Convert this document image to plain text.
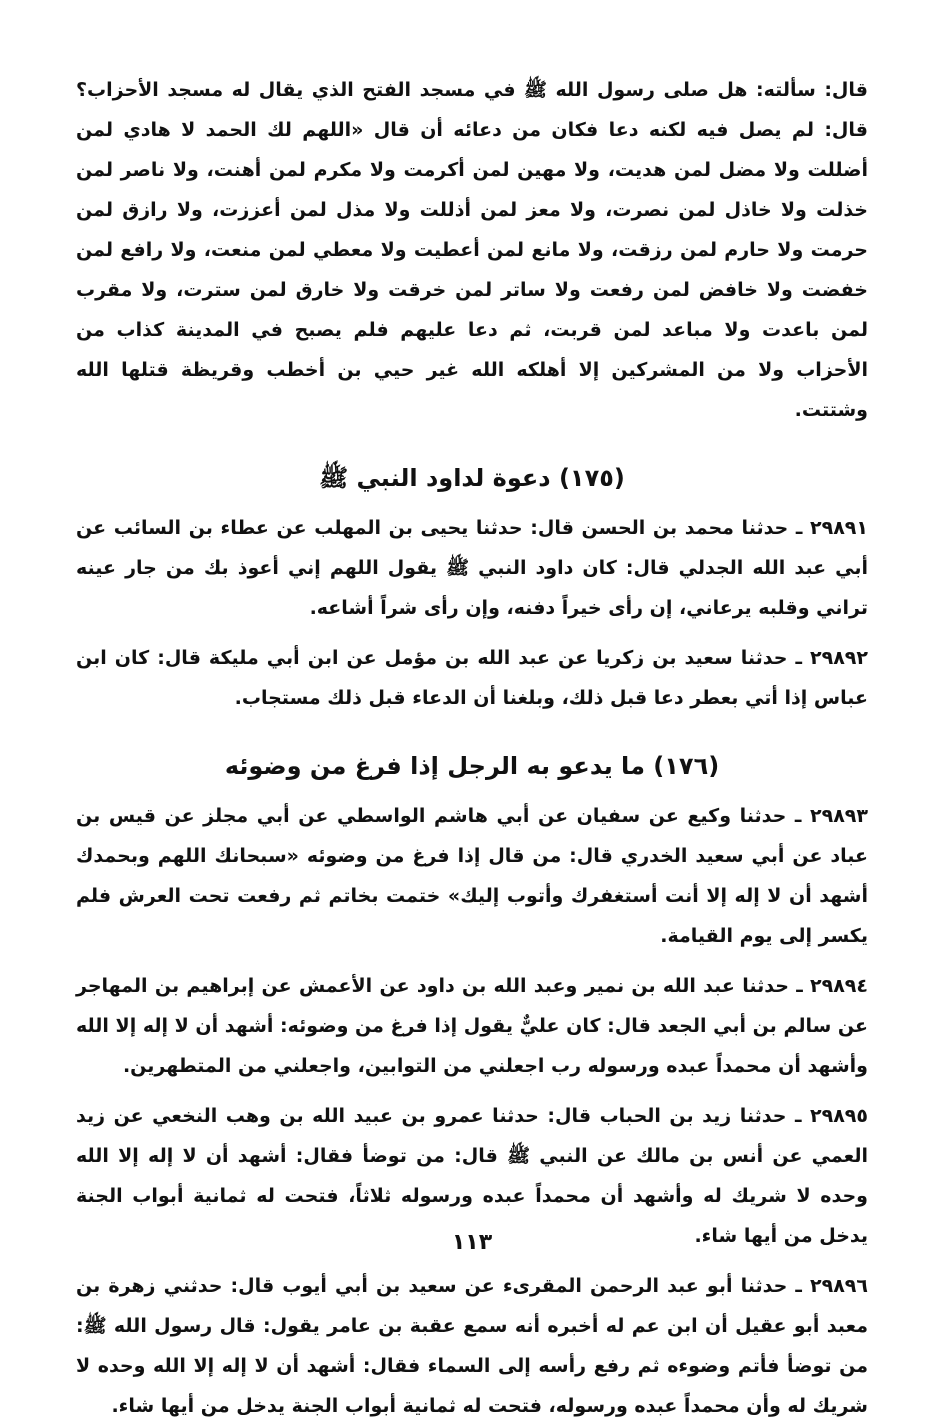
قال: سألته: هل صلى رسول الله ﷺ في مسجد الفتح الذي يقال له مسجد الأحزاب؟ قال: لم يصل فيه لكنه دعا فكان من دعائه أن قال «اللهم لك الحمد لا هادي لمن أضللت ولا مضل لمن هديت، ولا مهين لمن أكرمت ولا مكرم لمن أهنت، ولا ناصر لمن خذلت ولا خاذل لمن نصرت، ولا معز لمن أذللت ولا مذل لمن أعززت، ولا رازق لمن حرمت ولا حارم لمن رزقت، ولا مانع لمن أعطيت ولا معطي لمن منعت، ولا رافع لمن خفضت ولا خافض لمن رفعت ولا ساتر لمن خرقت ولا خارق لمن سترت، ولا مقرب لمن باعدت ولا مباعد لمن قربت، ثم دعا عليهم فلم يصبح في المدينة كذاب من الأحزاب ولا من المشركين إلا أهلكه الله غير حيي بن أخطب وقريظة قتلها الله وشتتت.

(١٧٥) دعوة لداود النبي ﷺ

٢٩٨٩١ ـ حدثنا محمد بن الحسن قال: حدثنا يحيى بن المهلب عن عطاء بن السائب عن أبي عبد الله الجدلي قال: كان داود النبي ﷺ يقول اللهم إني أعوذ بك من جار عينه تراني وقلبه يرعاني، إن رأى خيراً دفنه، وإن رأى شراً أشاعه.

٢٩٨٩٢ ـ حدثنا سعيد بن زكريا عن عبد الله بن مؤمل عن ابن أبي مليكة قال: كان ابن عباس إذا أتي بعطر دعا قبل ذلك، وبلغنا أن الدعاء قبل ذلك مستجاب.

(١٧٦) ما يدعو به الرجل إذا فرغ من وضوئه

٢٩٨٩٣ ـ حدثنا وكيع عن سفيان عن أبي هاشم الواسطي عن أبي مجلز عن قيس بن عباد عن أبي سعيد الخدري قال: من قال إذا فرغ من وضوئه «سبحانك اللهم وبحمدك أشهد أن لا إله إلا أنت أستغفرك وأتوب إليك» ختمت بخاتم ثم رفعت تحت العرش فلم يكسر إلى يوم القيامة.

٢٩٨٩٤ ـ حدثنا عبد الله بن نمير وعبد الله بن داود عن الأعمش عن إبراهيم بن المهاجر عن سالم بن أبي الجعد قال: كان عليٌّ يقول إذا فرغ من وضوئه: أشهد أن لا إله إلا الله وأشهد أن محمداً عبده ورسوله رب اجعلني من التوابين، واجعلني من المتطهرين.

٢٩٨٩٥ ـ حدثنا زيد بن الحباب قال: حدثنا عمرو بن عبيد الله بن وهب النخعي عن زيد العمي عن أنس بن مالك عن النبي ﷺ قال: من توضأ فقال: أشهد أن لا إله إلا الله وحده لا شريك له وأشهد أن محمداً عبده ورسوله ثلاثاً، فتحت له ثمانية أبواب الجنة يدخل من أيها شاء.

٢٩٨٩٦ ـ حدثنا أبو عبد الرحمن المقرىء عن سعيد بن أبي أيوب قال: حدثني زهرة بن معبد أبو عقيل أن ابن عم له أخبره أنه سمع عقبة بن عامر يقول: قال رسول الله ﷺ: من توضأ فأتم وضوءه ثم رفع رأسه إلى السماء فقال: أشهد أن لا إله إلا الله وحده لا شريك له وأن محمداً عبده ورسوله، فتحت له ثمانية أبواب الجنة يدخل من أيها شاء.

١١٣
